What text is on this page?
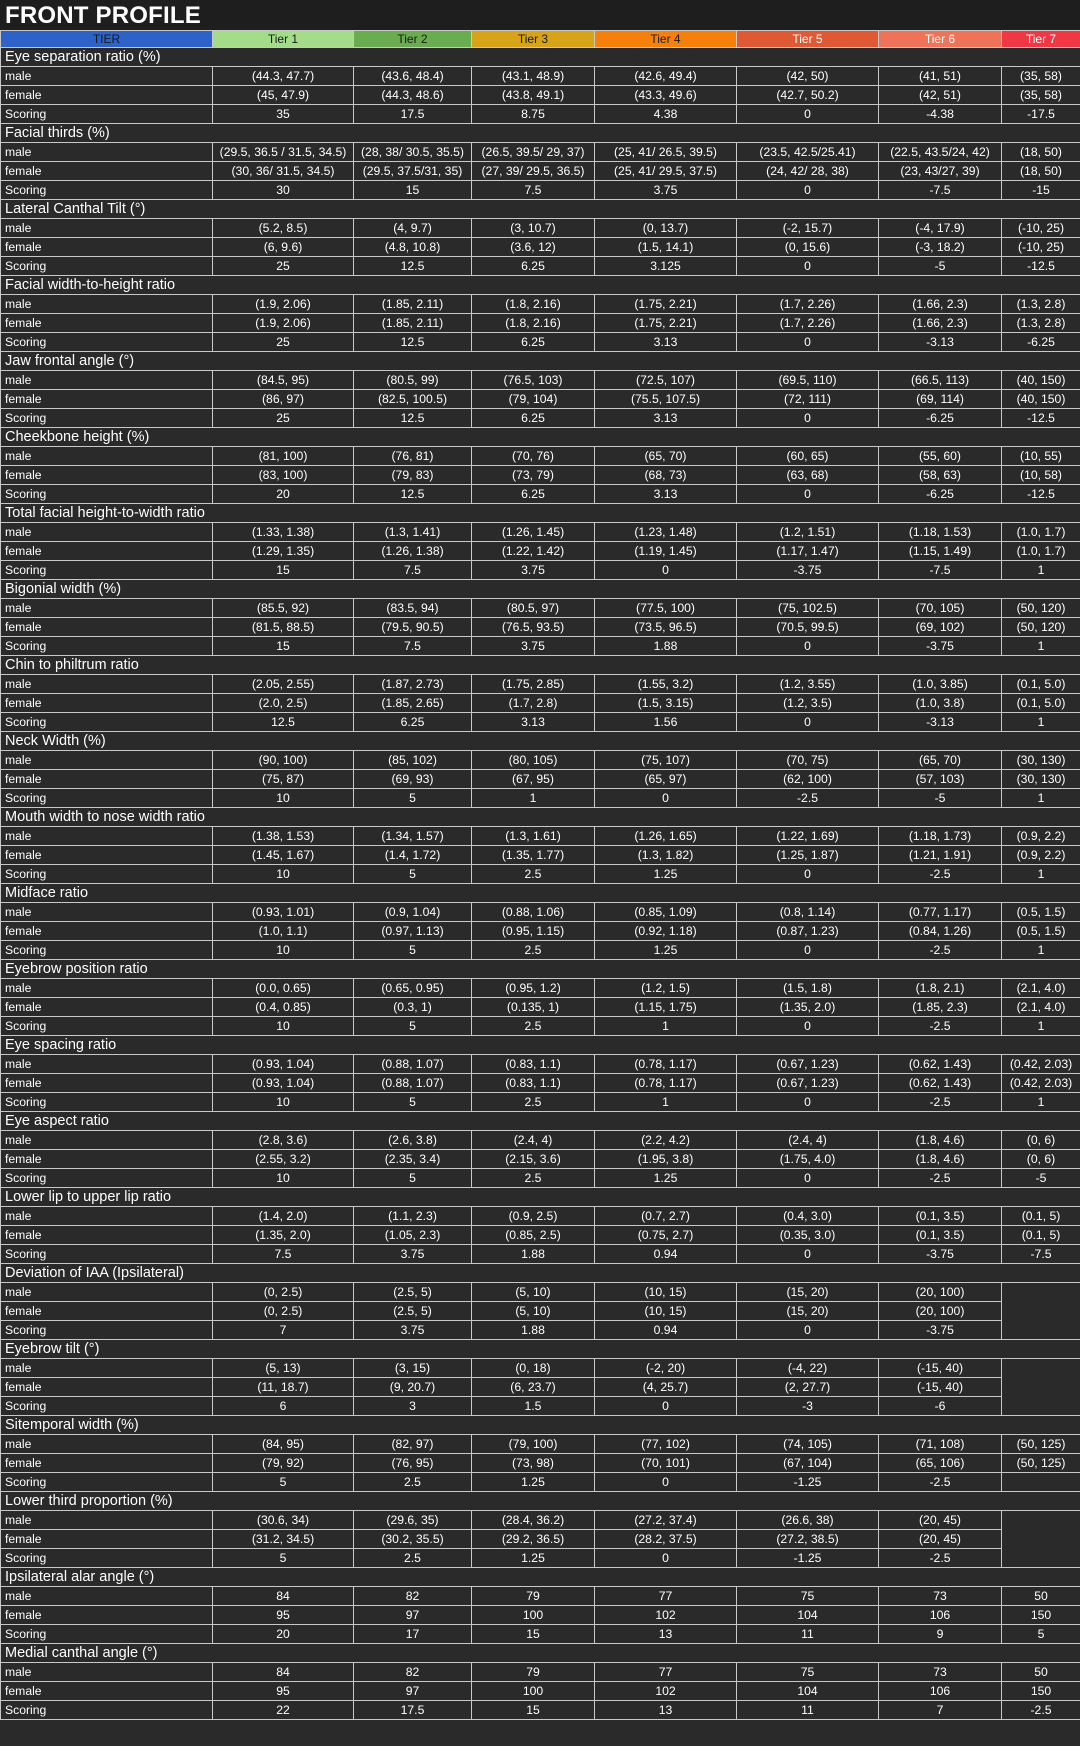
FRONT PROFILE
TIER	Tier 1	Tier 2	Tier 3	Tier 4	Tier 5	Tier 6	Tier 7
Eye separation ratio (%)							
male	(44.3, 47.7)	(43.6, 48.4)	(43.1, 48.9)	(42.6, 49.4)	(42, 50)	(41, 51)	(35, 58)
female	(45, 47.9)	(44.3, 48.6)	(43.8, 49.1)	(43.3, 49.6)	(42.7, 50.2)	(42, 51)	(35, 58)
Scoring	35	17.5	8.75	4.38	0	-4.38	-17.5
Facial thirds (%)							
male	(29.5, 36.5 / 31.5, 34.5)	(28, 38/ 30.5, 35.5)	(26.5, 39.5/ 29, 37)	(25, 41/ 26.5, 39.5)	(23.5, 42.5/25.41)	(22.5, 43.5/24, 42)	(18, 50)
female	(30, 36/ 31.5, 34.5)	(29.5, 37.5/31, 35)	(27, 39/ 29.5, 36.5)	(25, 41/ 29.5, 37.5)	(24, 42/ 28, 38)	(23, 43/27, 39)	(18, 50)
Scoring	30	15	7.5	3.75	0	-7.5	-15
Lateral Canthal Tilt (°)							
male	(5.2, 8.5)	(4, 9.7)	(3, 10.7)	(0, 13.7)	(-2, 15.7)	(-4, 17.9)	(-10, 25)
female	(6, 9.6)	(4.8, 10.8)	(3.6, 12)	(1.5, 14.1)	(0, 15.6)	(-3, 18.2)	(-10, 25)
Scoring	25	12.5	6.25	3.125	0	-5	-12.5
Facial width-to-height ratio							
male	(1.9, 2.06)	(1.85, 2.11)	(1.8, 2.16)	(1.75, 2.21)	(1.7, 2.26)	(1.66, 2.3)	(1.3, 2.8)
female	(1.9, 2.06)	(1.85, 2.11)	(1.8, 2.16)	(1.75, 2.21)	(1.7, 2.26)	(1.66, 2.3)	(1.3, 2.8)
Scoring	25	12.5	6.25	3.13	0	-3.13	-6.25
Jaw frontal angle (°)							
male	(84.5, 95)	(80.5, 99)	(76.5, 103)	(72.5, 107)	(69.5, 110)	(66.5, 113)	(40, 150)
female	(86, 97)	(82.5, 100.5)	(79, 104)	(75.5, 107.5)	(72, 111)	(69, 114)	(40, 150)
Scoring	25	12.5	6.25	3.13	0	-6.25	-12.5
Cheekbone height (%)							
male	(81, 100)	(76, 81)	(70, 76)	(65, 70)	(60, 65)	(55, 60)	(10, 55)
female	(83, 100)	(79, 83)	(73, 79)	(68, 73)	(63, 68)	(58, 63)	(10, 58)
Scoring	20	12.5	6.25	3.13	0	-6.25	-12.5
Total facial height-to-width ratio							
male	(1.33, 1.38)	(1.3, 1.41)	(1.26, 1.45)	(1.23, 1.48)	(1.2, 1.51)	(1.18, 1.53)	(1.0, 1.7)
female	(1.29, 1.35)	(1.26, 1.38)	(1.22, 1.42)	(1.19, 1.45)	(1.17, 1.47)	(1.15, 1.49)	(1.0, 1.7)
Scoring	15	7.5	3.75	0	-3.75	-7.5	1
Bigonial width (%)							
male	(85.5, 92)	(83.5, 94)	(80.5, 97)	(77.5, 100)	(75, 102.5)	(70, 105)	(50, 120)
female	(81.5, 88.5)	(79.5, 90.5)	(76.5, 93.5)	(73.5, 96.5)	(70.5, 99.5)	(69, 102)	(50, 120)
Scoring	15	7.5	3.75	1.88	0	-3.75	1
Chin to philtrum ratio							
male	(2.05, 2.55)	(1.87, 2.73)	(1.75, 2.85)	(1.55, 3.2)	(1.2, 3.55)	(1.0, 3.85)	(0.1, 5.0)
female	(2.0, 2.5)	(1.85, 2.65)	(1.7, 2.8)	(1.5, 3.15)	(1.2, 3.5)	(1.0, 3.8)	(0.1, 5.0)
Scoring	12.5	6.25	3.13	1.56	0	-3.13	1
Neck Width (%)							
male	(90, 100)	(85, 102)	(80, 105)	(75, 107)	(70, 75)	(65, 70)	(30, 130)
female	(75, 87)	(69, 93)	(67, 95)	(65, 97)	(62, 100)	(57, 103)	(30, 130)
Scoring	10	5	1	0	-2.5	-5	1
Mouth width to nose width ratio							
male	(1.38, 1.53)	(1.34, 1.57)	(1.3, 1.61)	(1.26, 1.65)	(1.22, 1.69)	(1.18, 1.73)	(0.9, 2.2)
female	(1.45, 1.67)	(1.4, 1.72)	(1.35, 1.77)	(1.3, 1.82)	(1.25, 1.87)	(1.21, 1.91)	(0.9, 2.2)
Scoring	10	5	2.5	1.25	0	-2.5	1
Midface ratio							
male	(0.93, 1.01)	(0.9, 1.04)	(0.88, 1.06)	(0.85, 1.09)	(0.8, 1.14)	(0.77, 1.17)	(0.5, 1.5)
female	(1.0, 1.1)	(0.97, 1.13)	(0.95, 1.15)	(0.92, 1.18)	(0.87, 1.23)	(0.84, 1.26)	(0.5, 1.5)
Scoring	10	5	2.5	1.25	0	-2.5	1
Eyebrow position ratio							
male	(0.0, 0.65)	(0.65, 0.95)	(0.95, 1.2)	(1.2, 1.5)	(1.5, 1.8)	(1.8, 2.1)	(2.1, 4.0)
female	(0.4, 0.85)	(0.3, 1)	(0.135, 1)	(1.15, 1.75)	(1.35, 2.0)	(1.85, 2.3)	(2.1, 4.0)
Scoring	10	5	2.5	1	0	-2.5	1
Eye spacing ratio							
male	(0.93, 1.04)	(0.88, 1.07)	(0.83, 1.1)	(0.78, 1.17)	(0.67, 1.23)	(0.62, 1.43)	(0.42, 2.03)
female	(0.93, 1.04)	(0.88, 1.07)	(0.83, 1.1)	(0.78, 1.17)	(0.67, 1.23)	(0.62, 1.43)	(0.42, 2.03)
Scoring	10	5	2.5	1	0	-2.5	1
Eye aspect ratio							
male	(2.8, 3.6)	(2.6, 3.8)	(2.4, 4)	(2.2, 4.2)	(2.4, 4)	(1.8, 4.6)	(0, 6)
female	(2.55, 3.2)	(2.35, 3.4)	(2.15, 3.6)	(1.95, 3.8)	(1.75, 4.0)	(1.8, 4.6)	(0, 6)
Scoring	10	5	2.5	1.25	0	-2.5	-5
Lower lip to upper lip ratio							
male	(1.4, 2.0)	(1.1, 2.3)	(0.9, 2.5)	(0.7, 2.7)	(0.4, 3.0)	(0.1, 3.5)	(0.1, 5)
female	(1.35, 2.0)	(1.05, 2.3)	(0.85, 2.5)	(0.75, 2.7)	(0.35, 3.0)	(0.1, 3.5)	(0.1, 5)
Scoring	7.5	3.75	1.88	0.94	0	-3.75	-7.5
Deviation of IAA (Ipsilateral)							
male	(0, 2.5)	(2.5, 5)	(5, 10)	(10, 15)	(15, 20)	(20, 100)	
female	(0, 2.5)	(2.5, 5)	(5, 10)	(10, 15)	(15, 20)	(20, 100)	
Scoring	7	3.75	1.88	0.94	0	-3.75	
Eyebrow tilt (°)							
male	(5, 13)	(3, 15)	(0, 18)	(-2, 20)	(-4, 22)	(-15, 40)	
female	(11, 18.7)	(9, 20.7)	(6, 23.7)	(4, 25.7)	(2, 27.7)	(-15, 40)	
Scoring	6	3	1.5	0	-3	-6	
Sitemporal width (%)							
male	(84, 95)	(82, 97)	(79, 100)	(77, 102)	(74, 105)	(71, 108)	(50, 125)
female	(79, 92)	(76, 95)	(73, 98)	(70, 101)	(67, 104)	(65, 106)	(50, 125)
Scoring	5	2.5	1.25	0	-1.25	-2.5	
Lower third proportion (%)							
male	(30.6, 34)	(29.6, 35)	(28.4, 36.2)	(27.2, 37.4)	(26.6, 38)	(20, 45)	
female	(31.2, 34.5)	(30.2, 35.5)	(29.2, 36.5)	(28.2, 37.5)	(27.2, 38.5)	(20, 45)	
Scoring	5	2.5	1.25	0	-1.25	-2.5	
Ipsilateral alar angle (°)							
male	84	82	79	77	75	73	50
female	95	97	100	102	104	106	150
Scoring	20	17	15	13	11	9	5
Medial canthal angle (°)							
male	84	82	79	77	75	73	50
female	95	97	100	102	104	106	150
Scoring	22	17.5	15	13	11	7	-2.5
